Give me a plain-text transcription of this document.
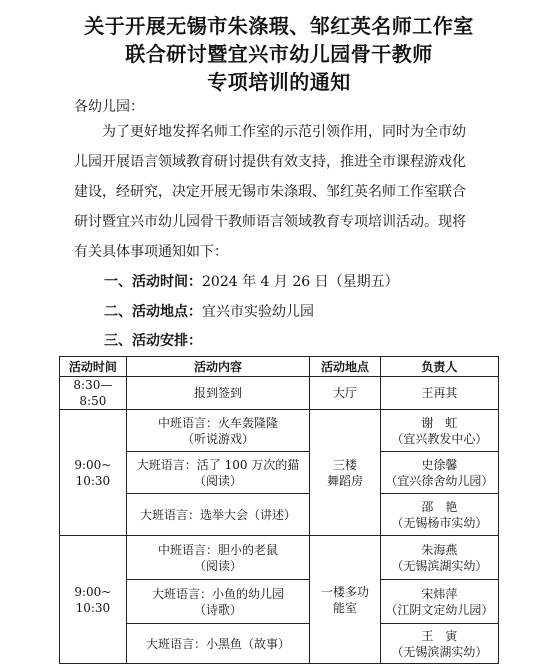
关于开展无锡市朱涤瑕、邹红英名师工作室
联合研讨暨宜兴市幼儿园骨干教师
专项培训的通知
各幼儿园：

为了更好地发挥名师工作室的示范引领作用，同时为全市幼

儿园开展语言领域教育研讨提供有效支持，推进全市课程游戏化

建设，经研究，决定开展无锡市朱涤瑕、邹红英名师工作室联合

研讨暨宜兴市幼儿园骨干教师语言领域教育专项培训活动。现将

有关具体事项通知如下：

一、活动时间：2024 年 4 月 26 日（星期五）
二、活动地点：宜兴市实验幼儿园
三、活动安排：
活动时间	活动内容	活动地点	负责人
8:30—8:50	报到签到	大厅	王再其

9:00~
10:30	中班语言：火车轰隆隆
（听说游戏）	三楼
舞蹈房	谢　虹
（宜兴教发中心）

	大班语言：活了 100 万次的猫
（阅读）		史徐馨
（宜兴徐舍幼儿园）

	大班语言：选举大会（讲述）		邵　艳
（无锡杨市实幼）

9:00~
10:30	中班语言：胆小的老鼠
（阅读）	一楼多功
能室	朱海燕
（无锡滨湖实幼）

	大班语言：小鱼的幼儿园
（诗歌）		宋炜萍
（江阴文定幼儿园）

	大班语言：小黑鱼（故事）		王　寅
（无锡滨湖实幼）
